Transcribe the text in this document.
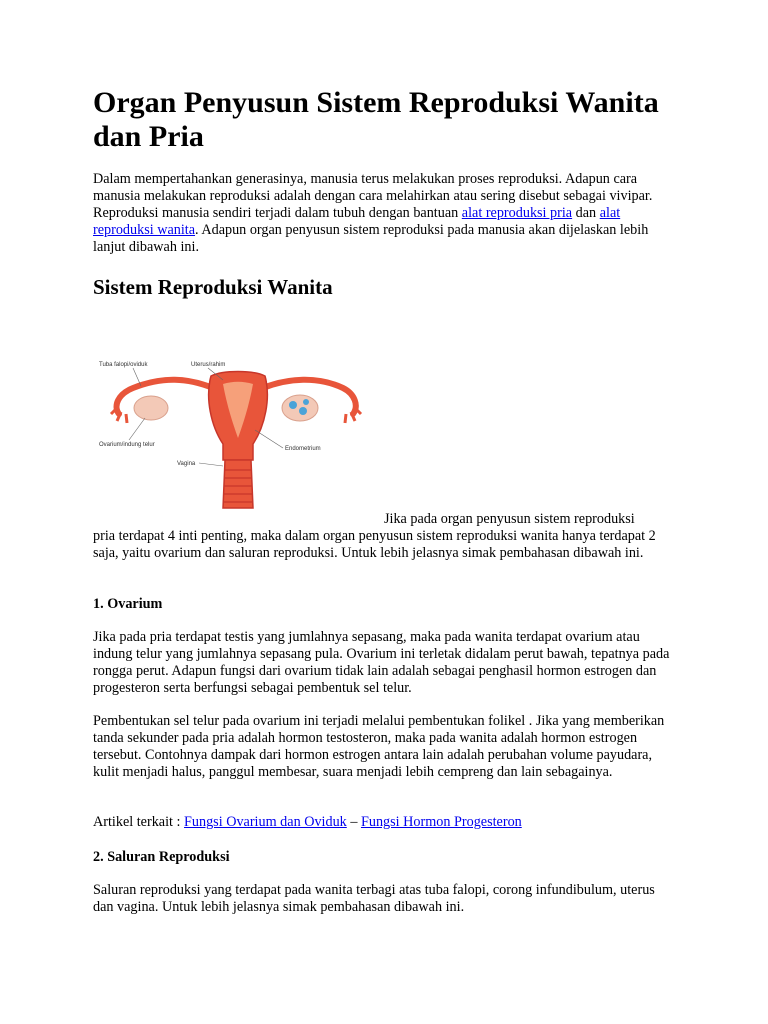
Organ Penyusun Sistem Reproduksi Wanita dan Pria

Dalam mempertahankan generasinya, manusia terus melakukan proses reproduksi. Adapun cara manusia melakukan reproduksi adalah dengan cara melahirkan atau sering disebut sebagai vivipar. Reproduksi manusia sendiri terjadi dalam tubuh dengan bantuan alat reproduksi pria dan alat reproduksi wanita. Adapun organ penyusun sistem reproduksi pada manusia akan dijelaskan lebih lanjut dibawah ini.

Sistem Reproduksi Wanita
Tuba falopi/oviduk	Uterus/rahim
Ovarium/indung telur
Vagina
Endometrium
Jika pada organ penyusun sistem reproduksi

pria terdapat 4 inti penting, maka dalam organ penyusun sistem reproduksi wanita hanya terdapat 2 saja, yaitu ovarium dan saluran reproduksi. Untuk lebih jelasnya simak pembahasan dibawah ini.

1. Ovarium

Jika pada pria terdapat testis yang jumlahnya sepasang, maka pada wanita terdapat ovarium atau indung telur yang jumlahnya sepasang pula. Ovarium ini terletak didalam perut bawah, tepatnya pada rongga perut. Adapun fungsi dari ovarium tidak lain adalah sebagai penghasil hormon estrogen dan progesteron serta berfungsi sebagai pembentuk sel telur.

Pembentukan sel telur pada ovarium ini terjadi melalui pembentukan folikel . Jika yang memberikan tanda sekunder pada pria adalah hormon testosteron, maka pada wanita adalah hormon estrogen tersebut. Contohnya dampak dari hormon estrogen antara lain adalah perubahan volume payudara, kulit menjadi halus, panggul membesar, suara menjadi lebih cempreng dan lain sebagainya.

Artikel terkait : Fungsi Ovarium dan Oviduk – Fungsi Hormon Progesteron

2. Saluran Reproduksi

Saluran reproduksi yang terdapat pada wanita terbagi atas tuba falopi, corong infundibulum, uterus dan vagina. Untuk lebih jelasnya simak pembahasan dibawah ini.
